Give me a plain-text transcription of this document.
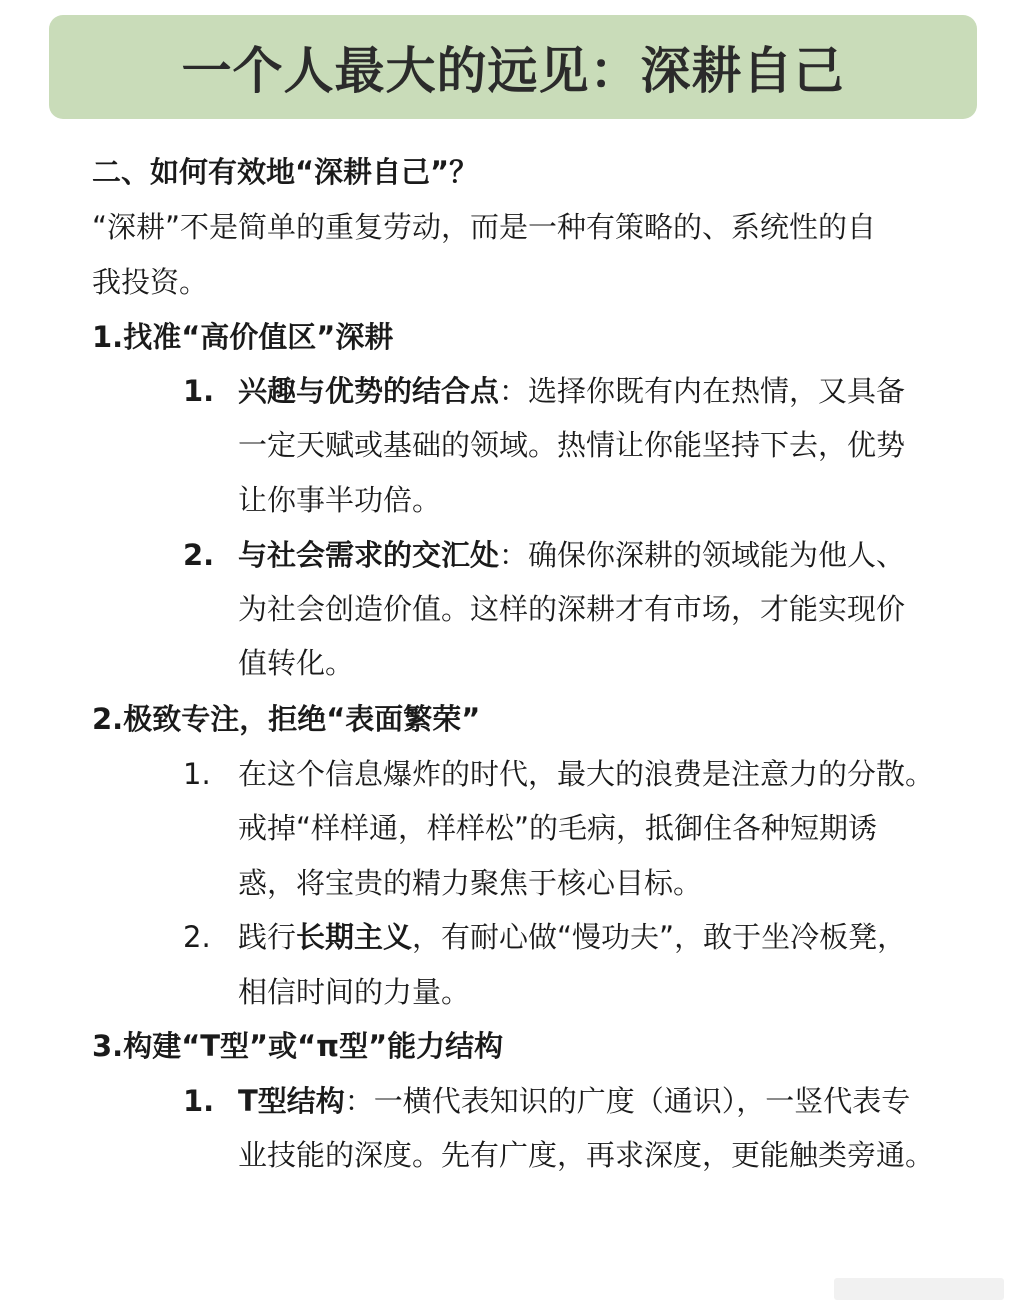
一个人最大的远见：深耕自己
二、如何有效地“深耕自己”？
“深耕”不是简单的重复劳动，而是一种有策略的、系统性的自
我投资。
1.找准“高价值区”深耕
1. 兴趣与优势的结合点：选择你既有内在热情，又具备
一定天赋或基础的领域。热情让你能坚持下去，优势
让你事半功倍。
2. 与社会需求的交汇处：确保你深耕的领域能为他人、
为社会创造价值。这样的深耕才有市场，才能实现价
值转化。
2.极致专注，拒绝“表面繁荣”
1. 在这个信息爆炸的时代，最大的浪费是注意力的分散。
戒掉“样样通，样样松”的毛病，抵御住各种短期诱
惑，将宝贵的精力聚焦于核心目标。
2. 践行长期主义，有耐心做“慢功夫”，敢于坐冷板凳，
相信时间的力量。
3.构建“T型”或“π型”能力结构
1. T型结构：一横代表知识的广度（通识），一竖代表专
业技能的深度。先有广度，再求深度，更能触类旁通。
